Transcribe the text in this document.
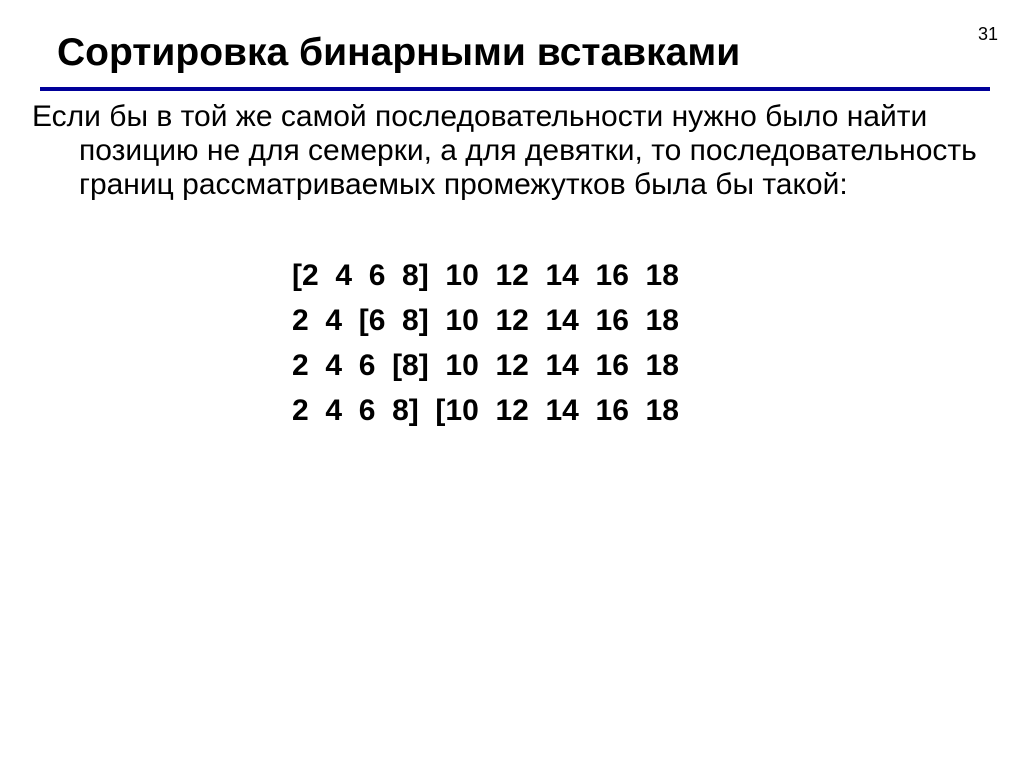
31
Сортировка бинарными вставками

Если бы в той же самой последовательности нужно было найти позицию не для семерки, а для девятки, то последовательность границ рассматриваемых промежутков была бы такой:

[2  4  6  8]  10  12  14  16  18
2  4  [6  8]  10  12  14  16  18
2  4  6  [8]  10  12  14  16  18
2  4  6  8]  [10  12  14  16  18
